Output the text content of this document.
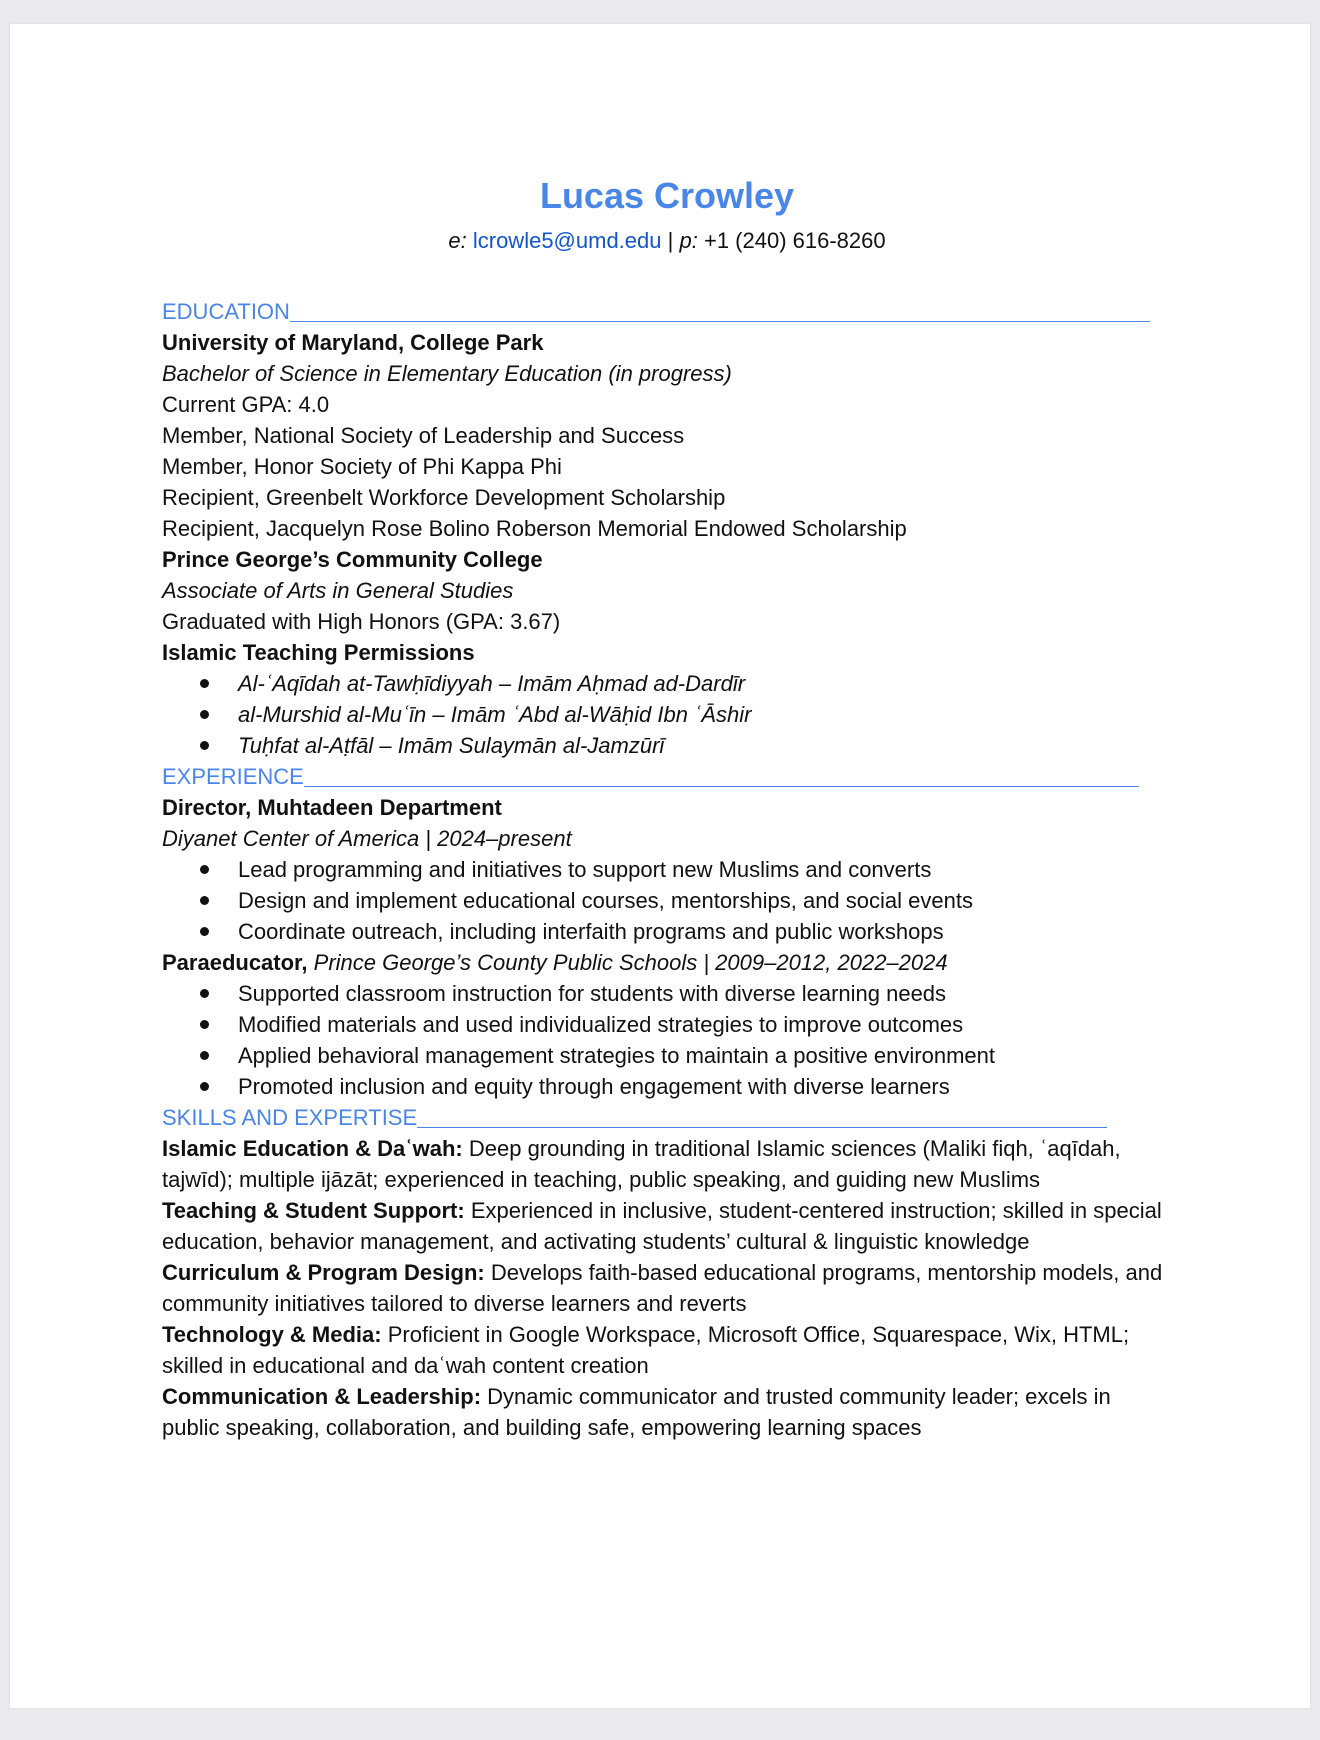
Lucas Crowley
e: lcrowle5@umd.edu | p: +1 (240) 616-8260
EDUCATION
University of Maryland, College Park
Bachelor of Science in Elementary Education (in progress)
Current GPA: 4.0
Member, National Society of Leadership and Success
Member, Honor Society of Phi Kappa Phi
Recipient, Greenbelt Workforce Development Scholarship
Recipient, Jacquelyn Rose Bolino Roberson Memorial Endowed Scholarship
Prince George’s Community College
Associate of Arts in General Studies
Graduated with High Honors (GPA: 3.67)
Islamic Teaching Permissions
Al-ʿAqīdah at-Tawḥīdiyyah – Imām Aḥmad ad-Dardīr
al-Murshid al-Muʿīn – Imām ʿAbd al-Wāḥid Ibn ʿĀshir
Tuḥfat al-Aṭfāl – Imām Sulaymān al-Jamzūrī
EXPERIENCE
Director, Muhtadeen Department
Diyanet Center of America | 2024–present
Lead programming and initiatives to support new Muslims and converts
Design and implement educational courses, mentorships, and social events
Coordinate outreach, including interfaith programs and public workshops
Paraeducator, Prince George’s County Public Schools | 2009–2012, 2022–2024
Supported classroom instruction for students with diverse learning needs
Modified materials and used individualized strategies to improve outcomes
Applied behavioral management strategies to maintain a positive environment
Promoted inclusion and equity through engagement with diverse learners
SKILLS AND EXPERTISE
Islamic Education & Daʿwah: Deep grounding in traditional Islamic sciences (Maliki fiqh, ʿaqīdah, tajwīd); multiple ijāzāt; experienced in teaching, public speaking, and guiding new Muslims
Teaching & Student Support: Experienced in inclusive, student-centered instruction; skilled in special education, behavior management, and activating students’ cultural & linguistic knowledge
Curriculum & Program Design: Develops faith-based educational programs, mentorship models, and community initiatives tailored to diverse learners and reverts
Technology & Media: Proficient in Google Workspace, Microsoft Office, Squarespace, Wix, HTML; skilled in educational and daʿwah content creation
Communication & Leadership: Dynamic communicator and trusted community leader; excels in public speaking, collaboration, and building safe, empowering learning spaces
